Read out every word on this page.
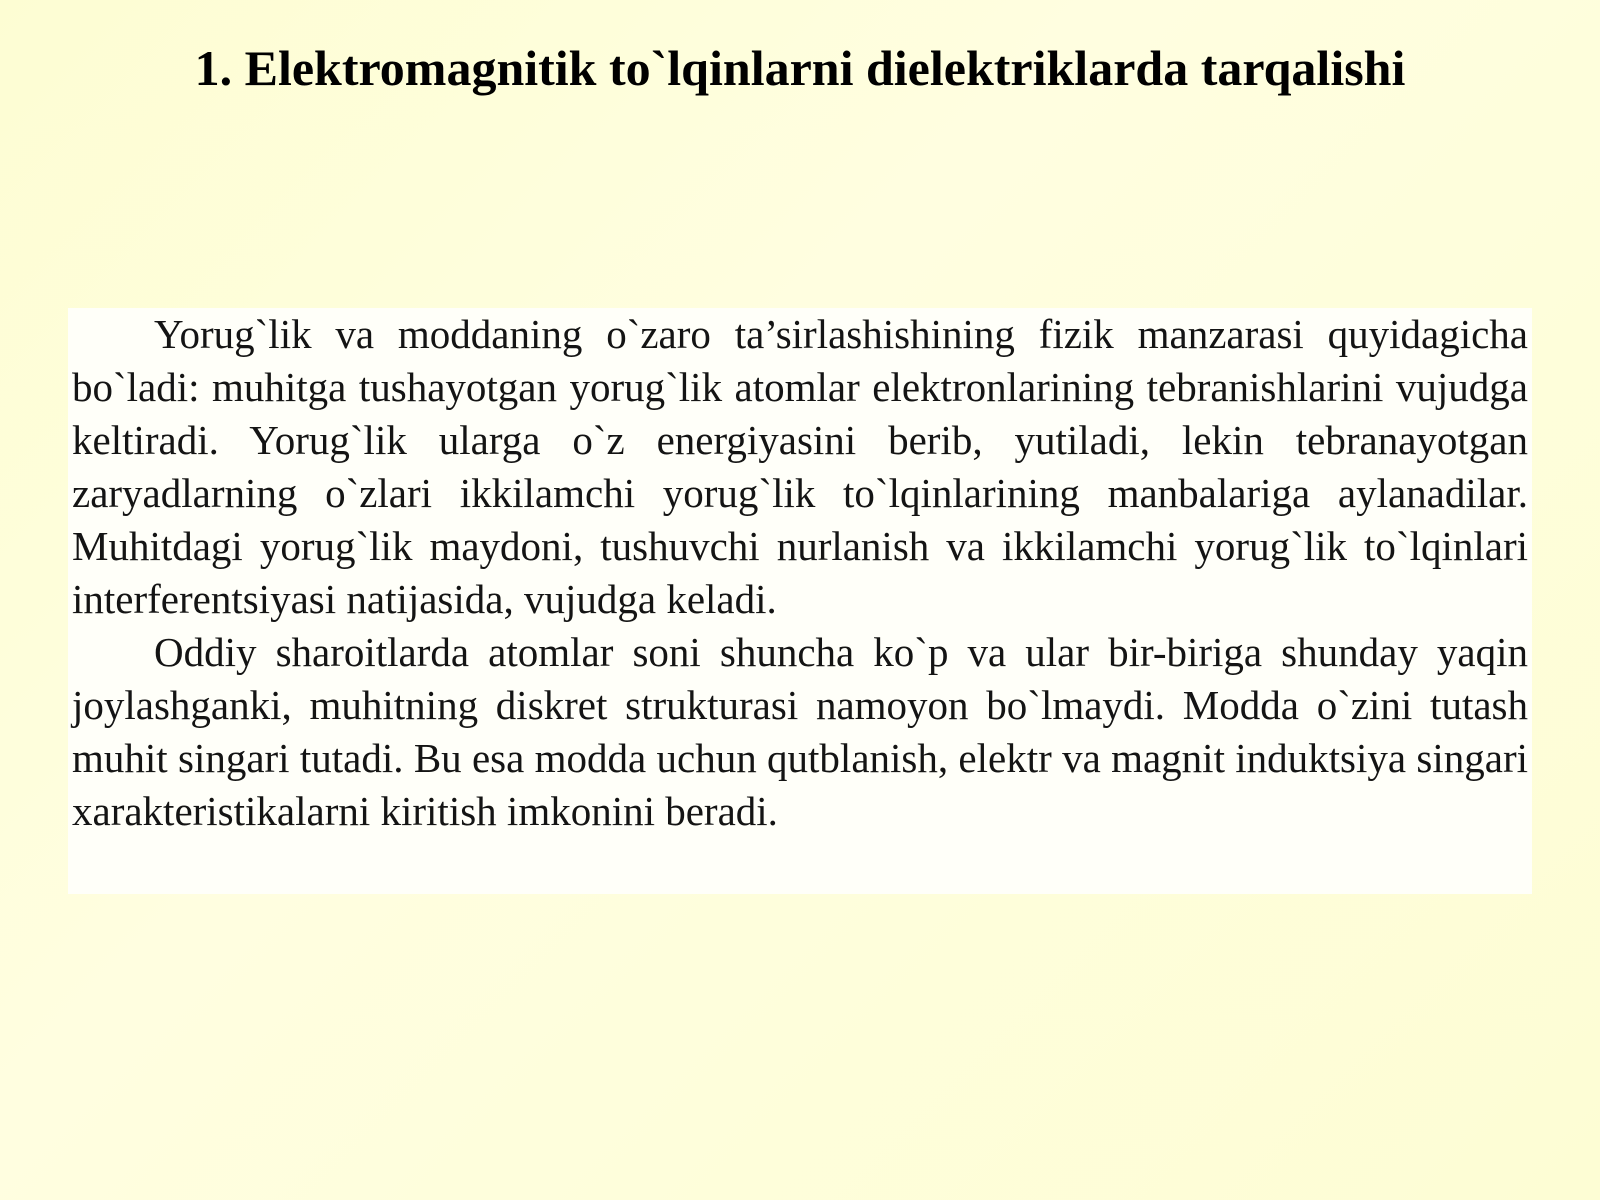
1. Elektromagnitik to`lqinlarni dielektriklarda tarqalishi

Yorug`lik va moddaning o`zaro ta’sirlashishining fizik manzarasi quyidagicha bo`ladi: muhitga tushayotgan yorug`lik atomlar elektronlarining tebranishlarini vujudga keltiradi. Yorug`lik ularga o`z energiyasini berib, yutiladi, lekin tebranayotgan zaryadlarning o`zlari ikkilamchi yorug`lik to`lqinlarining manbalariga aylanadilar. Muhitdagi yorug`lik maydoni, tushuvchi nurlanish va ikkilamchi yorug`lik to`lqinlari interferentsiyasi natijasida, vujudga keladi.

Oddiy sharoitlarda atomlar soni shuncha ko`p va ular bir-biriga shunday yaqin joylashganki, muhitning diskret strukturasi namoyon bo`lmaydi. Modda o`zini tutash muhit singari tutadi. Bu esa modda uchun qutblanish, elektr va magnit induktsiya singari xarakteristikalarni kiritish imkonini beradi.
